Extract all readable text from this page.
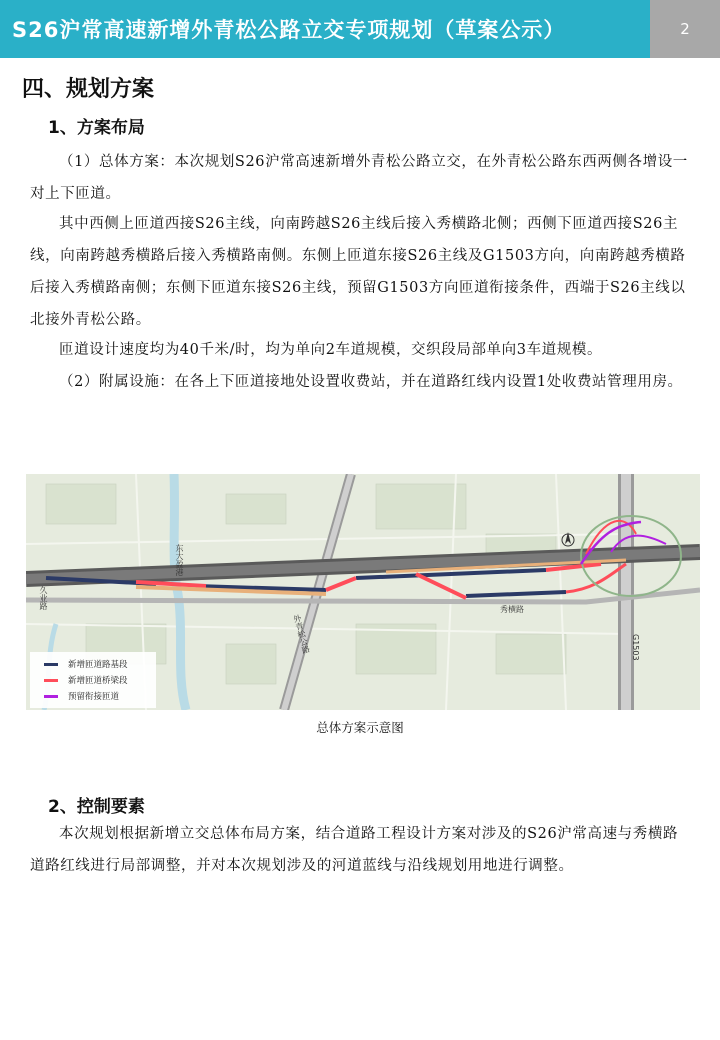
S26沪常高速新增外青松公路立交专项规划（草案公示）	2
四、规划方案
1、方案布局
（1）总体方案：本次规划S26沪常高速新增外青松公路立交，在外青松公路东西两侧各增设一对上下匝道。
其中西侧上匝道西接S26主线，向南跨越S26主线后接入秀横路北侧；西侧下匝道西接S26主线，向南跨越秀横路后接入秀横路南侧。东侧上匝道东接S26主线及G1503方向，向南跨越秀横路后接入秀横路南侧；东侧下匝道东接S26主线，预留G1503方向匝道衔接条件，西端于S26主线以北接外青松公路。
匝道设计速度均为40千米/时，均为单向2车道规模，交织段局部单向3车道规模。
（2）附属设施：在各上下匝道接地处设置收费站，并在道路红线内设置1处收费站管理用房。
东大盈港
久业路
外青松公路
秀横路
G1503
新增匝道路基段
新增匝道桥梁段
预留衔接匝道
总体方案示意图
2、控制要素
本次规划根据新增立交总体布局方案，结合道路工程设计方案对涉及的S26沪常高速与秀横路道路红线进行局部调整，并对本次规划涉及的河道蓝线与沿线规划用地进行调整。
